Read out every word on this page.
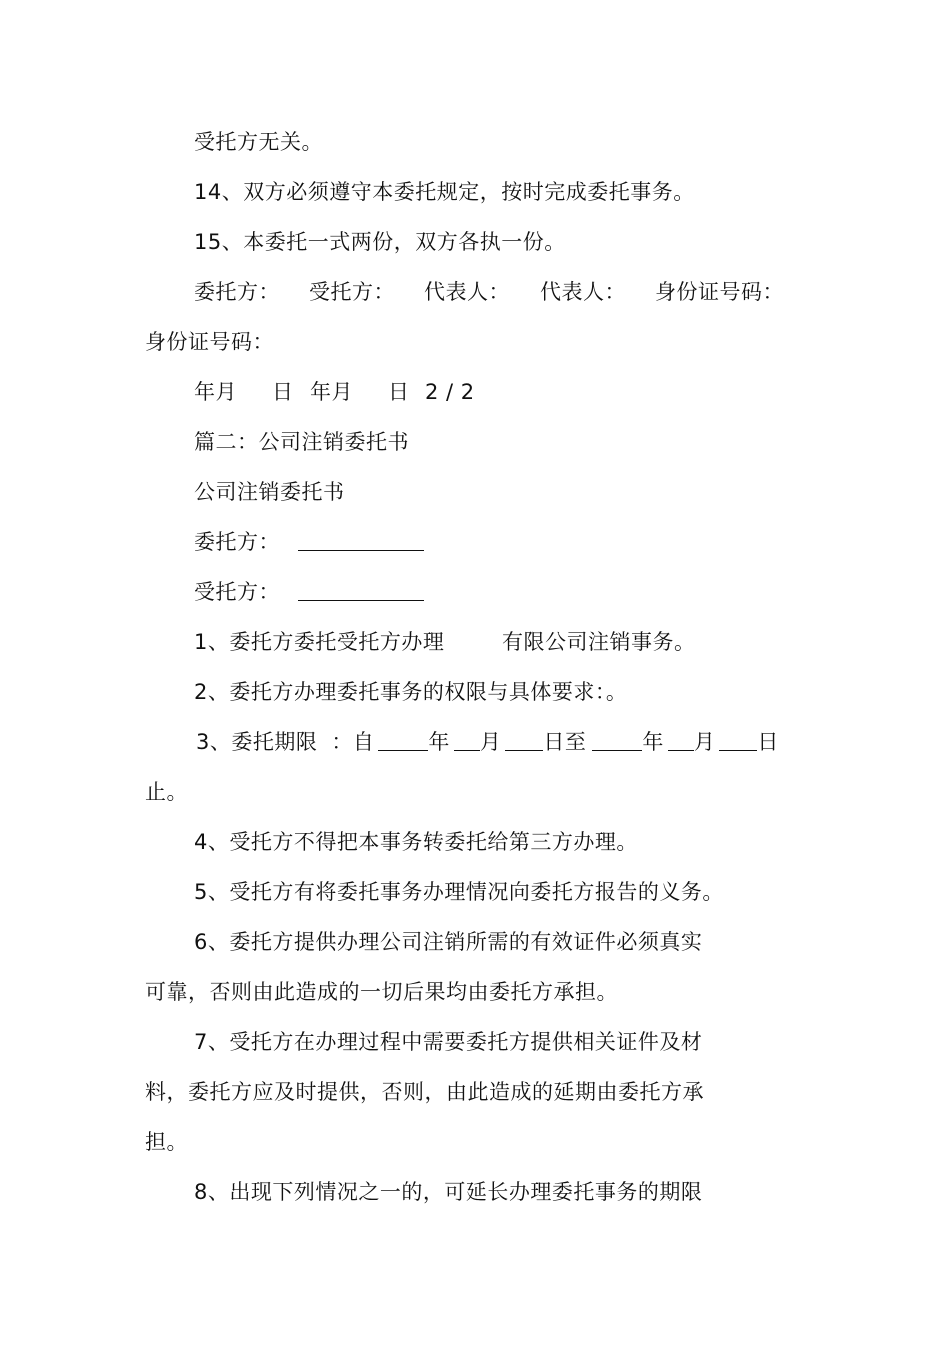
受托方无关。
14、双方必须遵守本委托规定，按时完成委托事务。
15、本委托一式两份，双方各执一份。
委托方： 受托方： 代表人： 代表人： 身份证号码：
身份证号码：
年月 日 年月 日 2 / 2
篇二：公司注销委托书
公司注销委托书
委托方：
受托方：
1、委托方委托受托方办理	有限公司注销事务。
2、委托方办理委托事务的权限与具体要求：。
3、委托期限 ：自	年 月 日至	年 月 日
止。
4、受托方不得把本事务转委托给第三方办理。
5、受托方有将委托事务办理情况向委托方报告的义务。
6、委托方提供办理公司注销所需的有效证件必须真实
可靠，否则由此造成的一切后果均由委托方承担。
7、受托方在办理过程中需要委托方提供相关证件及材
料，委托方应及时提供，否则，由此造成的延期由委托方承
担。
8、出现下列情况之一的，可延长办理委托事务的期限
